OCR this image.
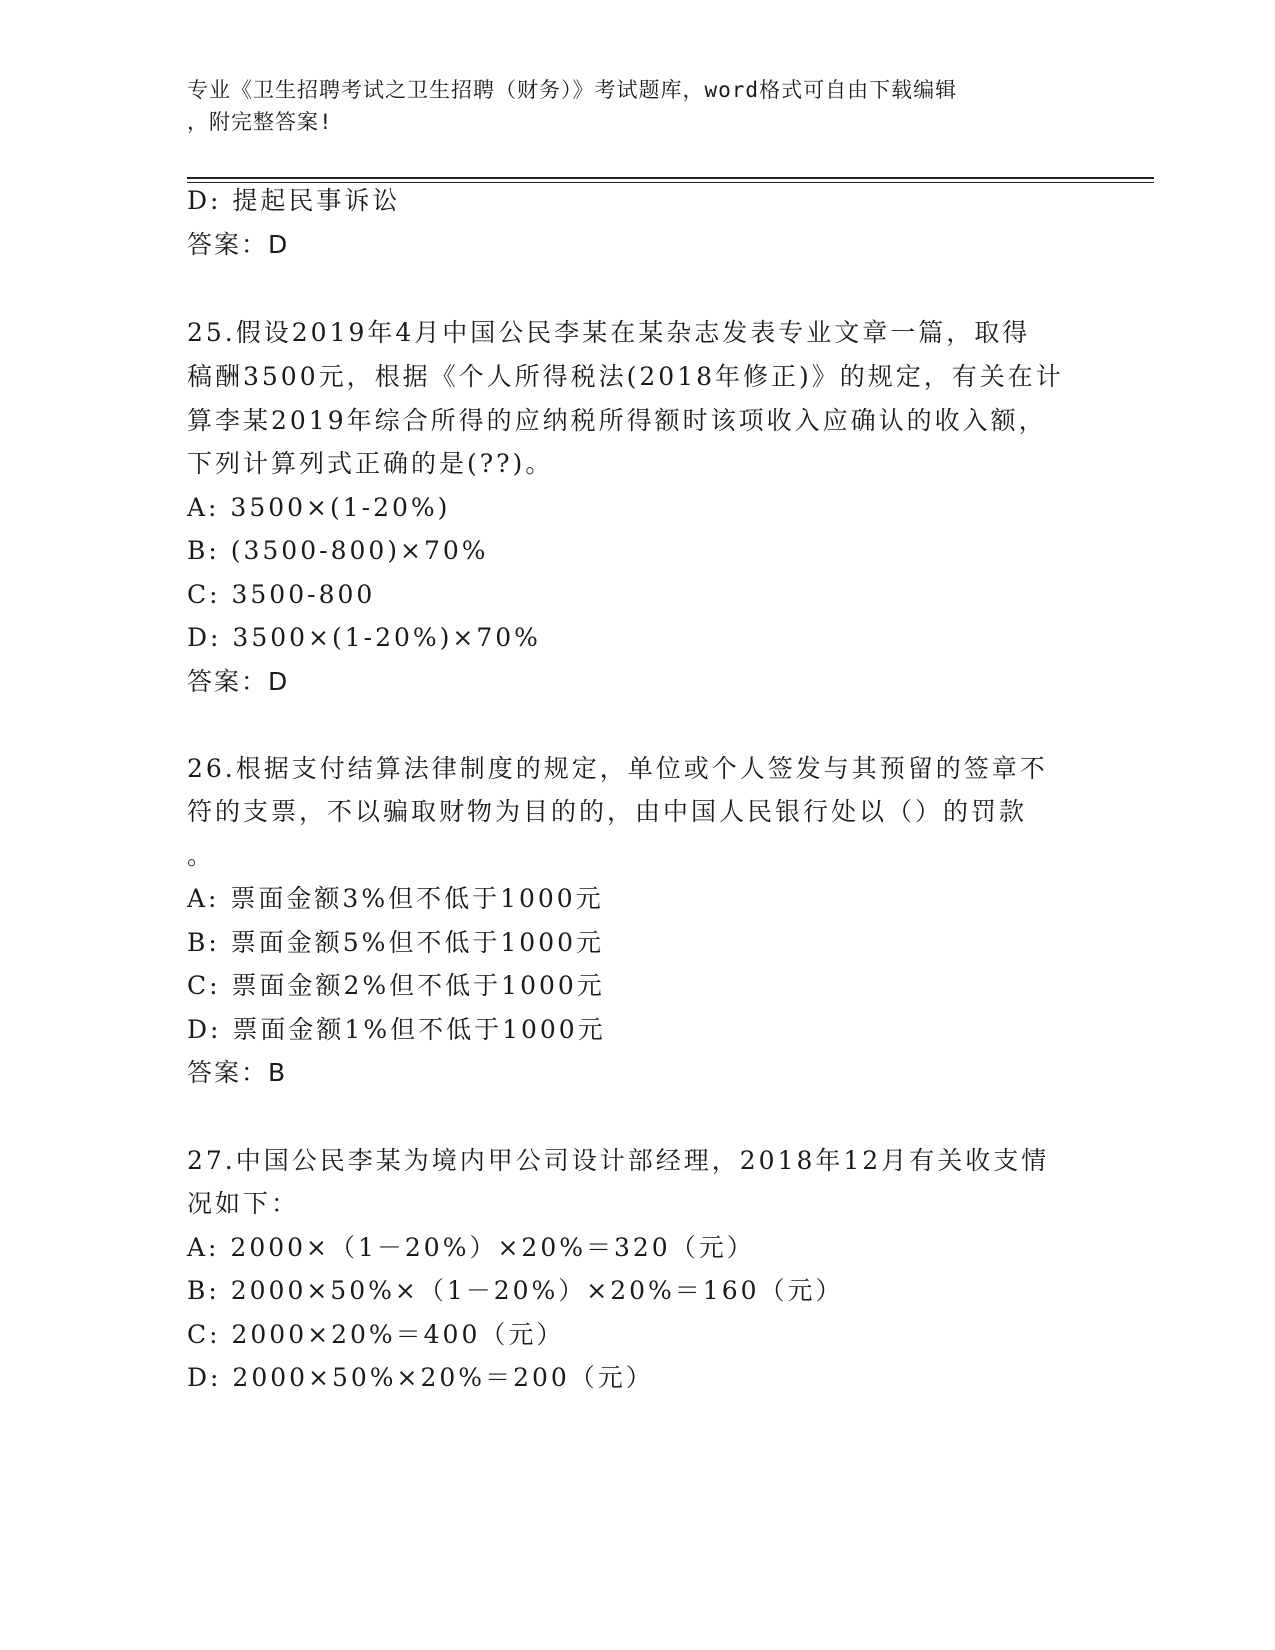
专业《卫生招聘考试之卫生招聘（财务）》考试题库，word格式可自由下载编辑
，附完整答案!
D: 提起民事诉讼
答案：D
25.假设2019年4月中国公民李某在某杂志发表专业文章一篇，取得
稿酬3500元，根据《个人所得税法(2018年修正)》的规定，有关在计
算李某2019年综合所得的应纳税所得额时该项收入应确认的收入额，
下列计算列式正确的是(??)。
A: 3500×(1-20%)
B: (3500-800)×70%
C: 3500-800
D: 3500×(1-20%)×70%
答案：D
26.根据支付结算法律制度的规定，单位或个人签发与其预留的签章不
符的支票，不以骗取财物为目的的，由中国人民银行处以（）的罚款
。
A: 票面金额3%但不低于1000元
B: 票面金额5%但不低于1000元
C: 票面金额2%但不低于1000元
D: 票面金额1%但不低于1000元
答案：B
27.中国公民李某为境内甲公司设计部经理，2018年12月有关收支情
况如下：
A: 2000×（1－20%）×20%＝320（元）
B: 2000×50%×（1－20%）×20%＝160（元）
C: 2000×20%＝400（元）
D: 2000×50%×20%＝200（元）
